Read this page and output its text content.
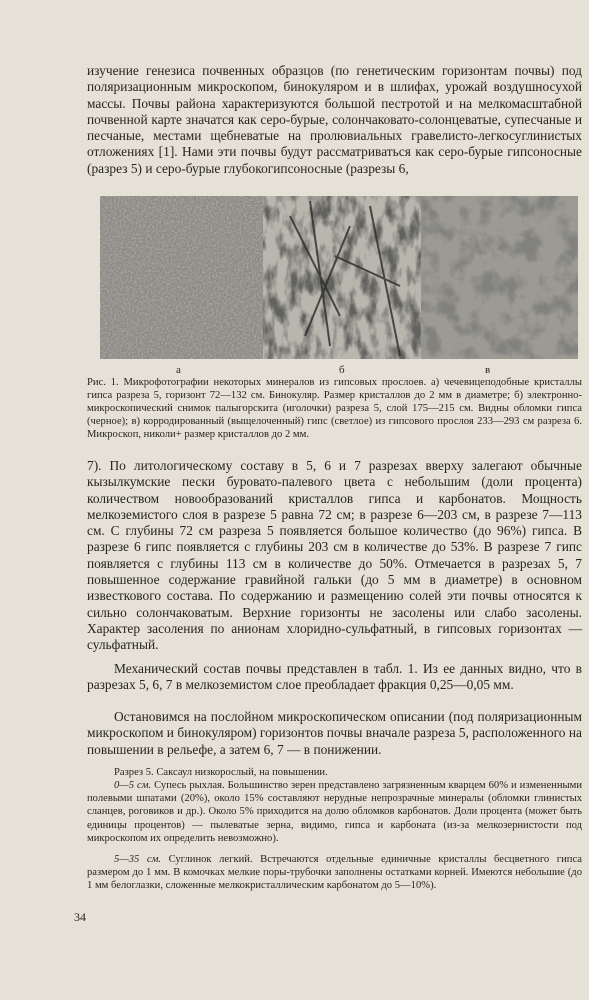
изучение генезиса почвенных образцов (по генетическим горизонтам почвы) под поляризационным микроскопом, бинокуляром и в шлифах, урожай воздушносухой массы. Почвы района характеризуются большой пестротой и на мелкомасштабной почвенной карте значатся как серо-бурые, солончаковато-солонцеватые, супесчаные и песчаные, местами щебневатые на пролювиальных гравелисто-легкосуглинистых отложениях [1]. Нами эти почвы будут рассматриваться как серо-бурые гипсоносные (разрез 5) и серо-бурые глубокогипсоносные (разрезы 6,

а	б	в

Рис. 1. Микрофотографии некоторых минералов из гипсовых прослоев. а) чечевицеподобные кристаллы гипса разреза 5, горизонт 72—132 см. Бинокуляр. Размер кристаллов до 2 мм в диаметре; б) электронно-микроскопический снимок палыгорскита (иголочки) разреза 5, слой 175—215 см. Видны обломки гипса (черное); в) корродированный (выщелоченный) гипс (светлое) из гипсового прослоя 233—293 см разреза 6. Микроскоп, николи+ размер кристаллов до 2 мм.

7). По литологическому составу в 5, 6 и 7 разрезах вверху залегают обычные кызылкумские пески буровато-палевого цвета с небольшим (доли процента) количеством новообразований кристаллов гипса и карбонатов. Мощность мелкоземистого слоя в разрезе 5 равна 72 см; в разрезе 6—203 см, в разрезе 7—113 см. С глубины 72 см разреза 5 появляется большое количество (до 96%) гипса. В разрезе 6 гипс появляется с глубины 203 см в количестве до 53%. В разрезе 7 гипс появляется с глубины 113 см в количестве до 50%. Отмечается в разрезах 5, 7 повышенное содержание гравийной гальки (до 5 мм в диаметре) в основном известкового состава. По содержанию и размещению солей эти почвы относятся к сильно солончаковатым. Верхние горизонты не засолены или слабо засолены. Характер засоления по анионам хлоридно-сульфатный, в гипсовых горизонтах — сульфатный.

Механический состав почвы представлен в табл. 1. Из ее данных видно, что в разрезах 5, 6, 7 в мелкоземистом слое преобладает фракция 0,25—0,05 мм.

Остановимся на послойном микроскопическом описании (под поляризационным микроскопом и бинокуляром) горизонтов почвы вначале разреза 5, расположенного на повышении в рельефе, а затем 6, 7 — в понижении.

Разрез 5. Саксаул низкорослый, на повышении.

0—5 см. Супесь рыхлая. Большинство зерен представлено загрязненным кварцем 60% и измененными полевыми шпатами (20%), около 15% составляют нерудные непрозрачные минералы (обломки глинистых сланцев, роговиков и др.). Около 5% приходится на долю обломков карбонатов. Доли процента (может быть единицы процентов) — пылеватые зерна, видимо, гипса и карбоната (из-за мелкозернистости под микроскопом их определить невозможно).

5—35 см. Суглинок легкий. Встречаются отдельные единичные кристаллы бесцветного гипса размером до 1 мм. В комочках мелкие поры-трубочки заполнены остатками корней. Имеются небольшие (до 1 мм белоглазки, сложенные мелкокристаллическим карбонатом до 5—10%).

34
